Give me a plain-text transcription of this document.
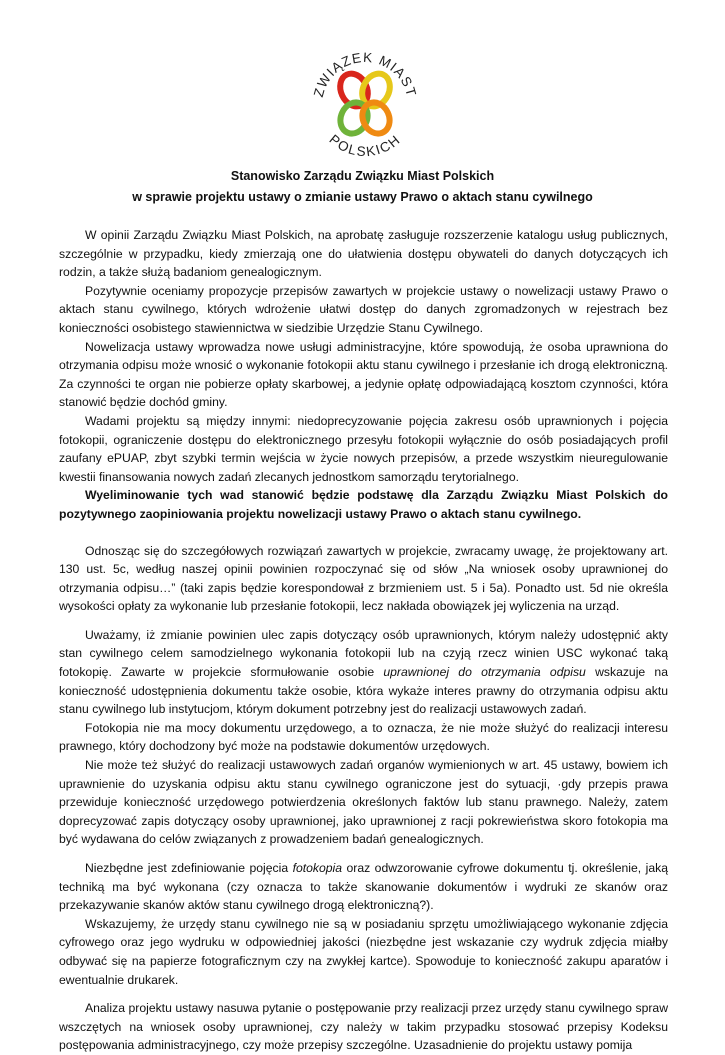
ZWIĄZEK MIAST
POLSKICH
Stanowisko Zarządu Związku Miast Polskich
w sprawie projektu ustawy o zmianie ustawy Prawo o aktach stanu cywilnego

W opinii Zarządu Związku Miast Polskich, na aprobatę zasługuje rozszerzenie katalogu usług publicznych, szczególnie w przypadku, kiedy zmierzają one do ułatwienia dostępu obywateli do danych dotyczących ich rodzin, a także służą badaniom genealogicznym.

Pozytywnie oceniamy propozycje przepisów zawartych w projekcie ustawy o nowelizacji ustawy Prawo o aktach stanu cywilnego, których wdrożenie ułatwi dostęp do danych zgromadzonych w rejestrach bez konieczności osobistego stawiennictwa w siedzibie Urzędzie Stanu Cywilnego.

Nowelizacja ustawy wprowadza nowe usługi administracyjne, które spowodują, że osoba uprawniona do otrzymania odpisu może wnosić o wykonanie fotokopii aktu stanu cywilnego i przesłanie ich drogą elektroniczną. Za czynności te organ nie pobierze opłaty skarbowej, a jedynie opłatę odpowiadającą kosztom czynności, która stanowić będzie dochód gminy.

Wadami projektu są między innymi: niedoprecyzowanie pojęcia zakresu osób uprawnionych i pojęcia fotokopii, ograniczenie dostępu do elektronicznego przesyłu fotokopii wyłącznie do osób posiadających profil zaufany ePUAP, zbyt szybki termin wejścia w życie nowych przepisów, a przede wszystkim nieuregulowanie kwestii finansowania nowych zadań zlecanych jednostkom samorządu terytorialnego.

Wyeliminowanie tych wad stanowić będzie podstawę dla Zarządu Związku Miast Polskich do pozytywnego zaopiniowania projektu nowelizacji ustawy Prawo o aktach stanu cywilnego.

Odnosząc się do szczegółowych rozwiązań zawartych w projekcie, zwracamy uwagę, że projektowany art. 130 ust. 5c, według naszej opinii powinien rozpoczynać się od słów „Na wniosek osoby uprawnionej do otrzymania odpisu…” (taki zapis będzie korespondował z brzmieniem ust. 5 i 5a). Ponadto ust. 5d nie określa wysokości opłaty za wykonanie lub przesłanie fotokopii, lecz nakłada obowiązek jej wyliczenia na urząd.

Uważamy, iż zmianie powinien ulec zapis dotyczący osób uprawnionych, którym należy udostępnić akty stan cywilnego celem samodzielnego wykonania fotokopii lub na czyją rzecz winien USC wykonać taką fotokopię. Zawarte w projekcie sformułowanie osobie uprawnionej do otrzymania odpisu wskazuje na konieczność udostępnienia dokumentu także osobie, która wykaże interes prawny do otrzymania odpisu aktu stanu cywilnego lub instytucjom, którym dokument potrzebny jest do realizacji ustawowych zadań.

Fotokopia nie ma mocy dokumentu urzędowego, a to oznacza, że nie może służyć do realizacji interesu prawnego, który dochodzony być może na podstawie dokumentów urzędowych.

Nie może też służyć do realizacji ustawowych zadań organów wymienionych w art. 45 ustawy, bowiem ich uprawnienie do uzyskania odpisu aktu stanu cywilnego ograniczone jest do sytuacji, ·gdy przepis prawa przewiduje konieczność urzędowego potwierdzenia określonych faktów lub stanu prawnego. Należy, zatem doprecyzować zapis dotyczący osoby uprawnionej, jako uprawnionej z racji pokrewieństwa skoro fotokopia ma być wydawana do celów związanych z prowadzeniem badań genealogicznych.

Niezbędne jest zdefiniowanie pojęcia fotokopia oraz odwzorowanie cyfrowe dokumentu tj. określenie, jaką techniką ma być wykonana (czy oznacza to także skanowanie dokumentów i wydruki ze skanów oraz przekazywanie skanów aktów stanu cywilnego drogą elektroniczną?).

Wskazujemy, że urzędy stanu cywilnego nie są w posiadaniu sprzętu umożliwiającego wykonanie zdjęcia cyfrowego oraz jego wydruku w odpowiedniej jakości (niezbędne jest wskazanie czy wydruk zdjęcia miałby odbywać się na papierze fotograficznym czy na zwykłej kartce). Spowoduje to konieczność zakupu aparatów i ewentualnie drukarek.

Analiza projektu ustawy nasuwa pytanie o postępowanie przy realizacji przez urzędy stanu cywilnego spraw wszczętych na wniosek osoby uprawnionej, czy należy w takim przypadku stosować przepisy Kodeksu postępowania administracyjnego, czy może przepisy szczególne. Uzasadnienie do projektu ustawy pomija
